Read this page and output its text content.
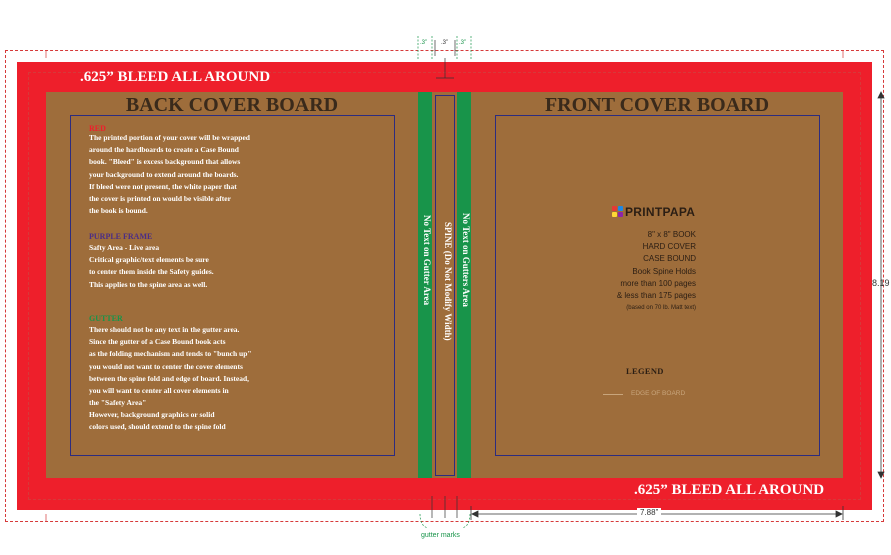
BACK COVER BOARD	FRONT COVER BOARD
.625” BLEED ALL AROUND
.625” BLEED ALL AROUND
No Text on Gutter Area	No Text on Gutters Area
SPINE (Do Not Modify Width)
RED
The printed portion of your cover will be wrapped
around the hardboards to create a Case Bound
book. "Bleed" is excess background that allows
your background to extend around the boards.
If bleed were not present, the white paper that
the cover is printed on would be visible after
the book is bound.
PURPLE FRAME
Safty Area - Live area
Critical graphic/text elements be sure
to center them inside the Safety guides.
This applies to the spine area as well.
GUTTER
There should not be any text in the gutter area.
Since the gutter of a Case Bound book acts
as the folding mechanism and tends to "bunch up"
you would not want to center the cover elements
between the spine fold and edge of board. Instead,
you will want to center all cover elements in
the "Safety Area"
However, background graphics or solid
colors used, should extend to the spine fold
PRINTPAPA
8" x 8" BOOK
HARD COVER
CASE BOUND
Book Spine Holds
more than 100 pages
& less than 175 pages
(based on 70 lb. Matt text)
LEGEND
EDGE OF BOARD
.3” .3” .3”
7.88”
8.19
gutter marks
